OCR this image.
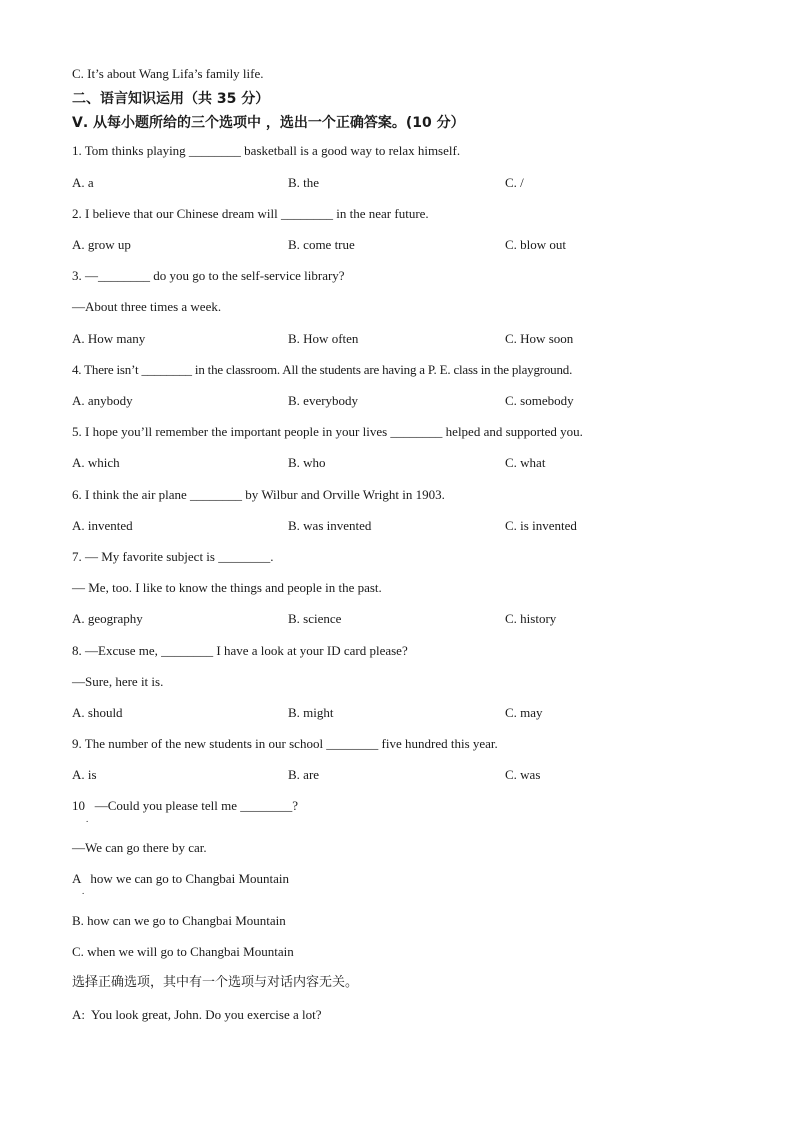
C. It’s about Wang Lifa’s family life.
二、语言知识运用（共 35 分）
Ⅴ. 从每小题所给的三个选项中 ，选出一个正确答案。(10 分）
1. Tom thinks playing ________ basketball is a good way to relax himself.
A. a	B. the	C. /
2. I believe that our Chinese dream will ________ in the near future.
A. grow up	B. come true	C. blow out
3. —________ do you go to the self-service library?
—About three times a week.
A. How many	B. How often	C. How soon
4. There isn’t ________ in the classroom. All the students are having a P. E. class in the playground.
A. anybody	B. everybody	C. somebody
5. I hope you’ll remember the important people in your lives ________ helped and supported you.
A. which	B. who	C. what
6. I think the air plane ________ by Wilbur and Orville Wright in 1903.
A. invented	B. was invented	C. is invented
7. — My favorite subject is ________.
— Me, too. I like to know the things and people in the past.
A. geography	B. science	C. history
8. —Excuse me, ________ I have a look at your ID card please?
—Sure, here it is.
A. should	B. might	C. may
9. The number of the new students in our school ________ five hundred this year.
A. is	B. are	C. was
10   —Could you please tell me ________?
.
—We can go there by car.
A   how we can go to Changbai Mountain
.
B. how can we go to Changbai Mountain
C. when we will go to Changbai Mountain
选择正确选项，其中有一个选项与对话内容无关。
A:  You look great, John. Do you exercise a lot?
